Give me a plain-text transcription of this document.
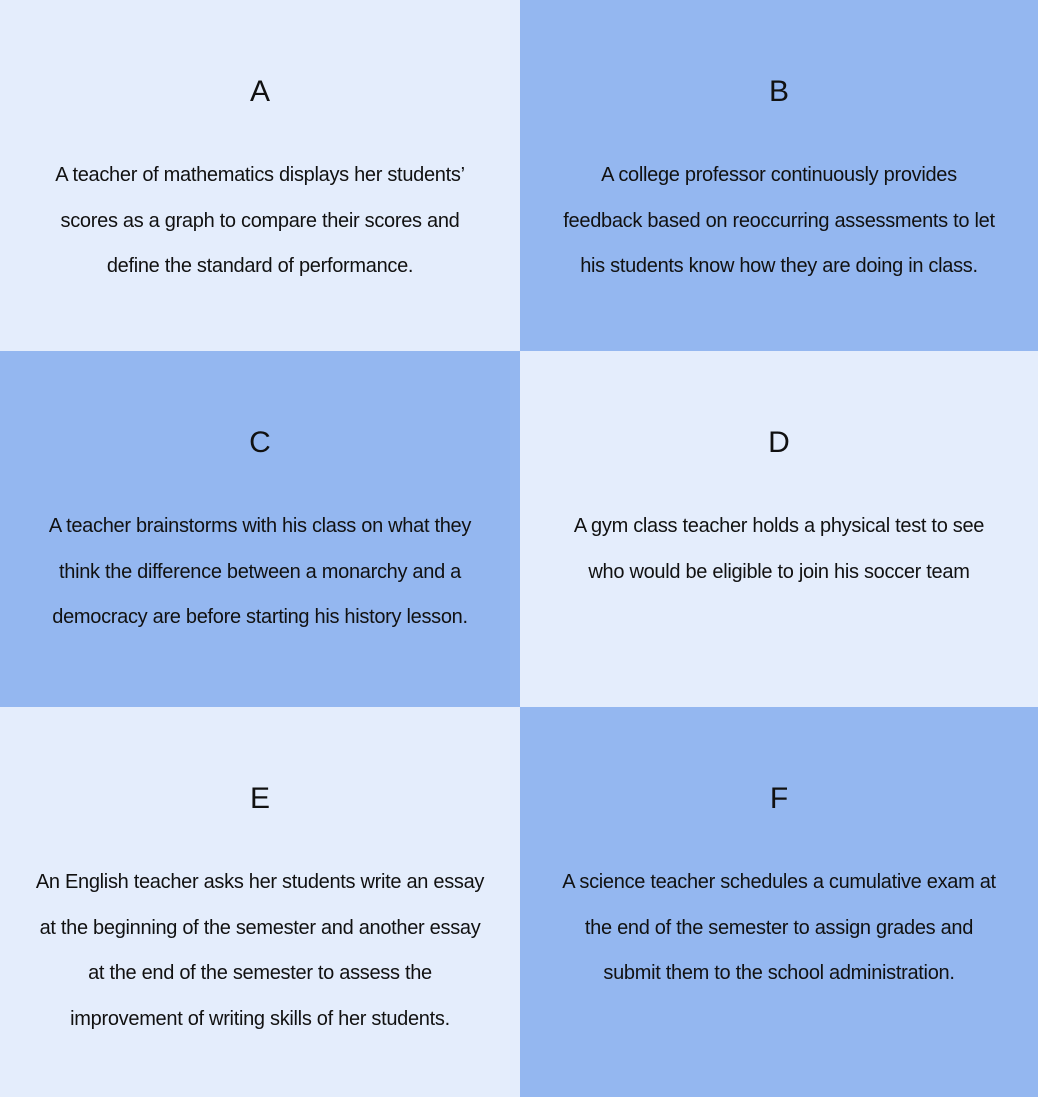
A

A teacher of mathematics displays her students’
scores as a graph to compare their scores and
define the standard of performance.

B

A college professor continuously provides
feedback based on reoccurring assessments to let
his students know how they are doing in class.

C

A teacher brainstorms with his class on what they
think the difference between a monarchy and a
democracy are before starting his history lesson.

D

A gym class teacher holds a physical test to see
who would be eligible to join his soccer team

E

An English teacher asks her students write an essay
at the beginning of the semester and another essay
at the end of the semester to assess the
improvement of writing skills of her students.

F

A science teacher schedules a cumulative exam at
the end of the semester to assign grades and
submit them to the school administration.
